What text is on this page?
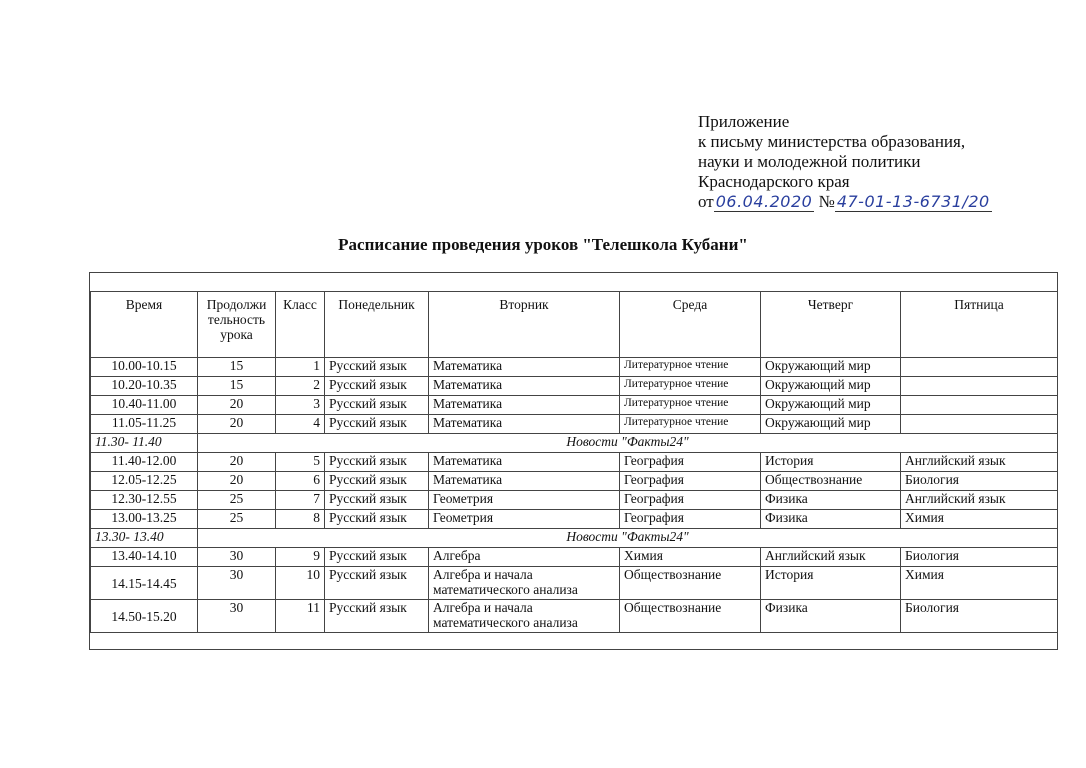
Приложение
к письму министерства образования,
науки и молодежной политики
Краснодарского края
от 06.04.2020 № 47-01-13-6731/20
Расписание проведения уроков "Телешкола Кубани"
Время	Продолжи тельность урока	Класс	Понедельник	Вторник	Среда	Четверг	Пятница
10.00-10.15	15	1	Русский язык	Математика	Литературное чтение	Окружающий мир	
10.20-10.35	15	2	Русский язык	Математика	Литературное чтение	Окружающий мир	
10.40-11.00	20	3	Русский язык	Математика	Литературное чтение	Окружающий мир	
11.05-11.25	20	4	Русский язык	Математика	Литературное чтение	Окружающий мир	
11.30- 11.40	Новости "Факты24"						
11.40-12.00	20	5	Русский язык	Математика	География	История	Английский язык
12.05-12.25	20	6	Русский язык	Математика	География	Обществознание	Биология
12.30-12.55	25	7	Русский язык	Геометрия	География	Физика	Английский язык
13.00-13.25	25	8	Русский язык	Геометрия	География	Физика	Химия
13.30- 13.40	Новости "Факты24"						
13.40-14.10	30	9	Русский язык	Алгебра	Химия	Английский язык	Биология
14.15-14.45	30	10	Русский язык	Алгебра и начала математического анализа	Обществознание	История	Химия
14.50-15.20	30	11	Русский язык	Алгебра и начала математического анализа	Обществознание	Физика	Биология
